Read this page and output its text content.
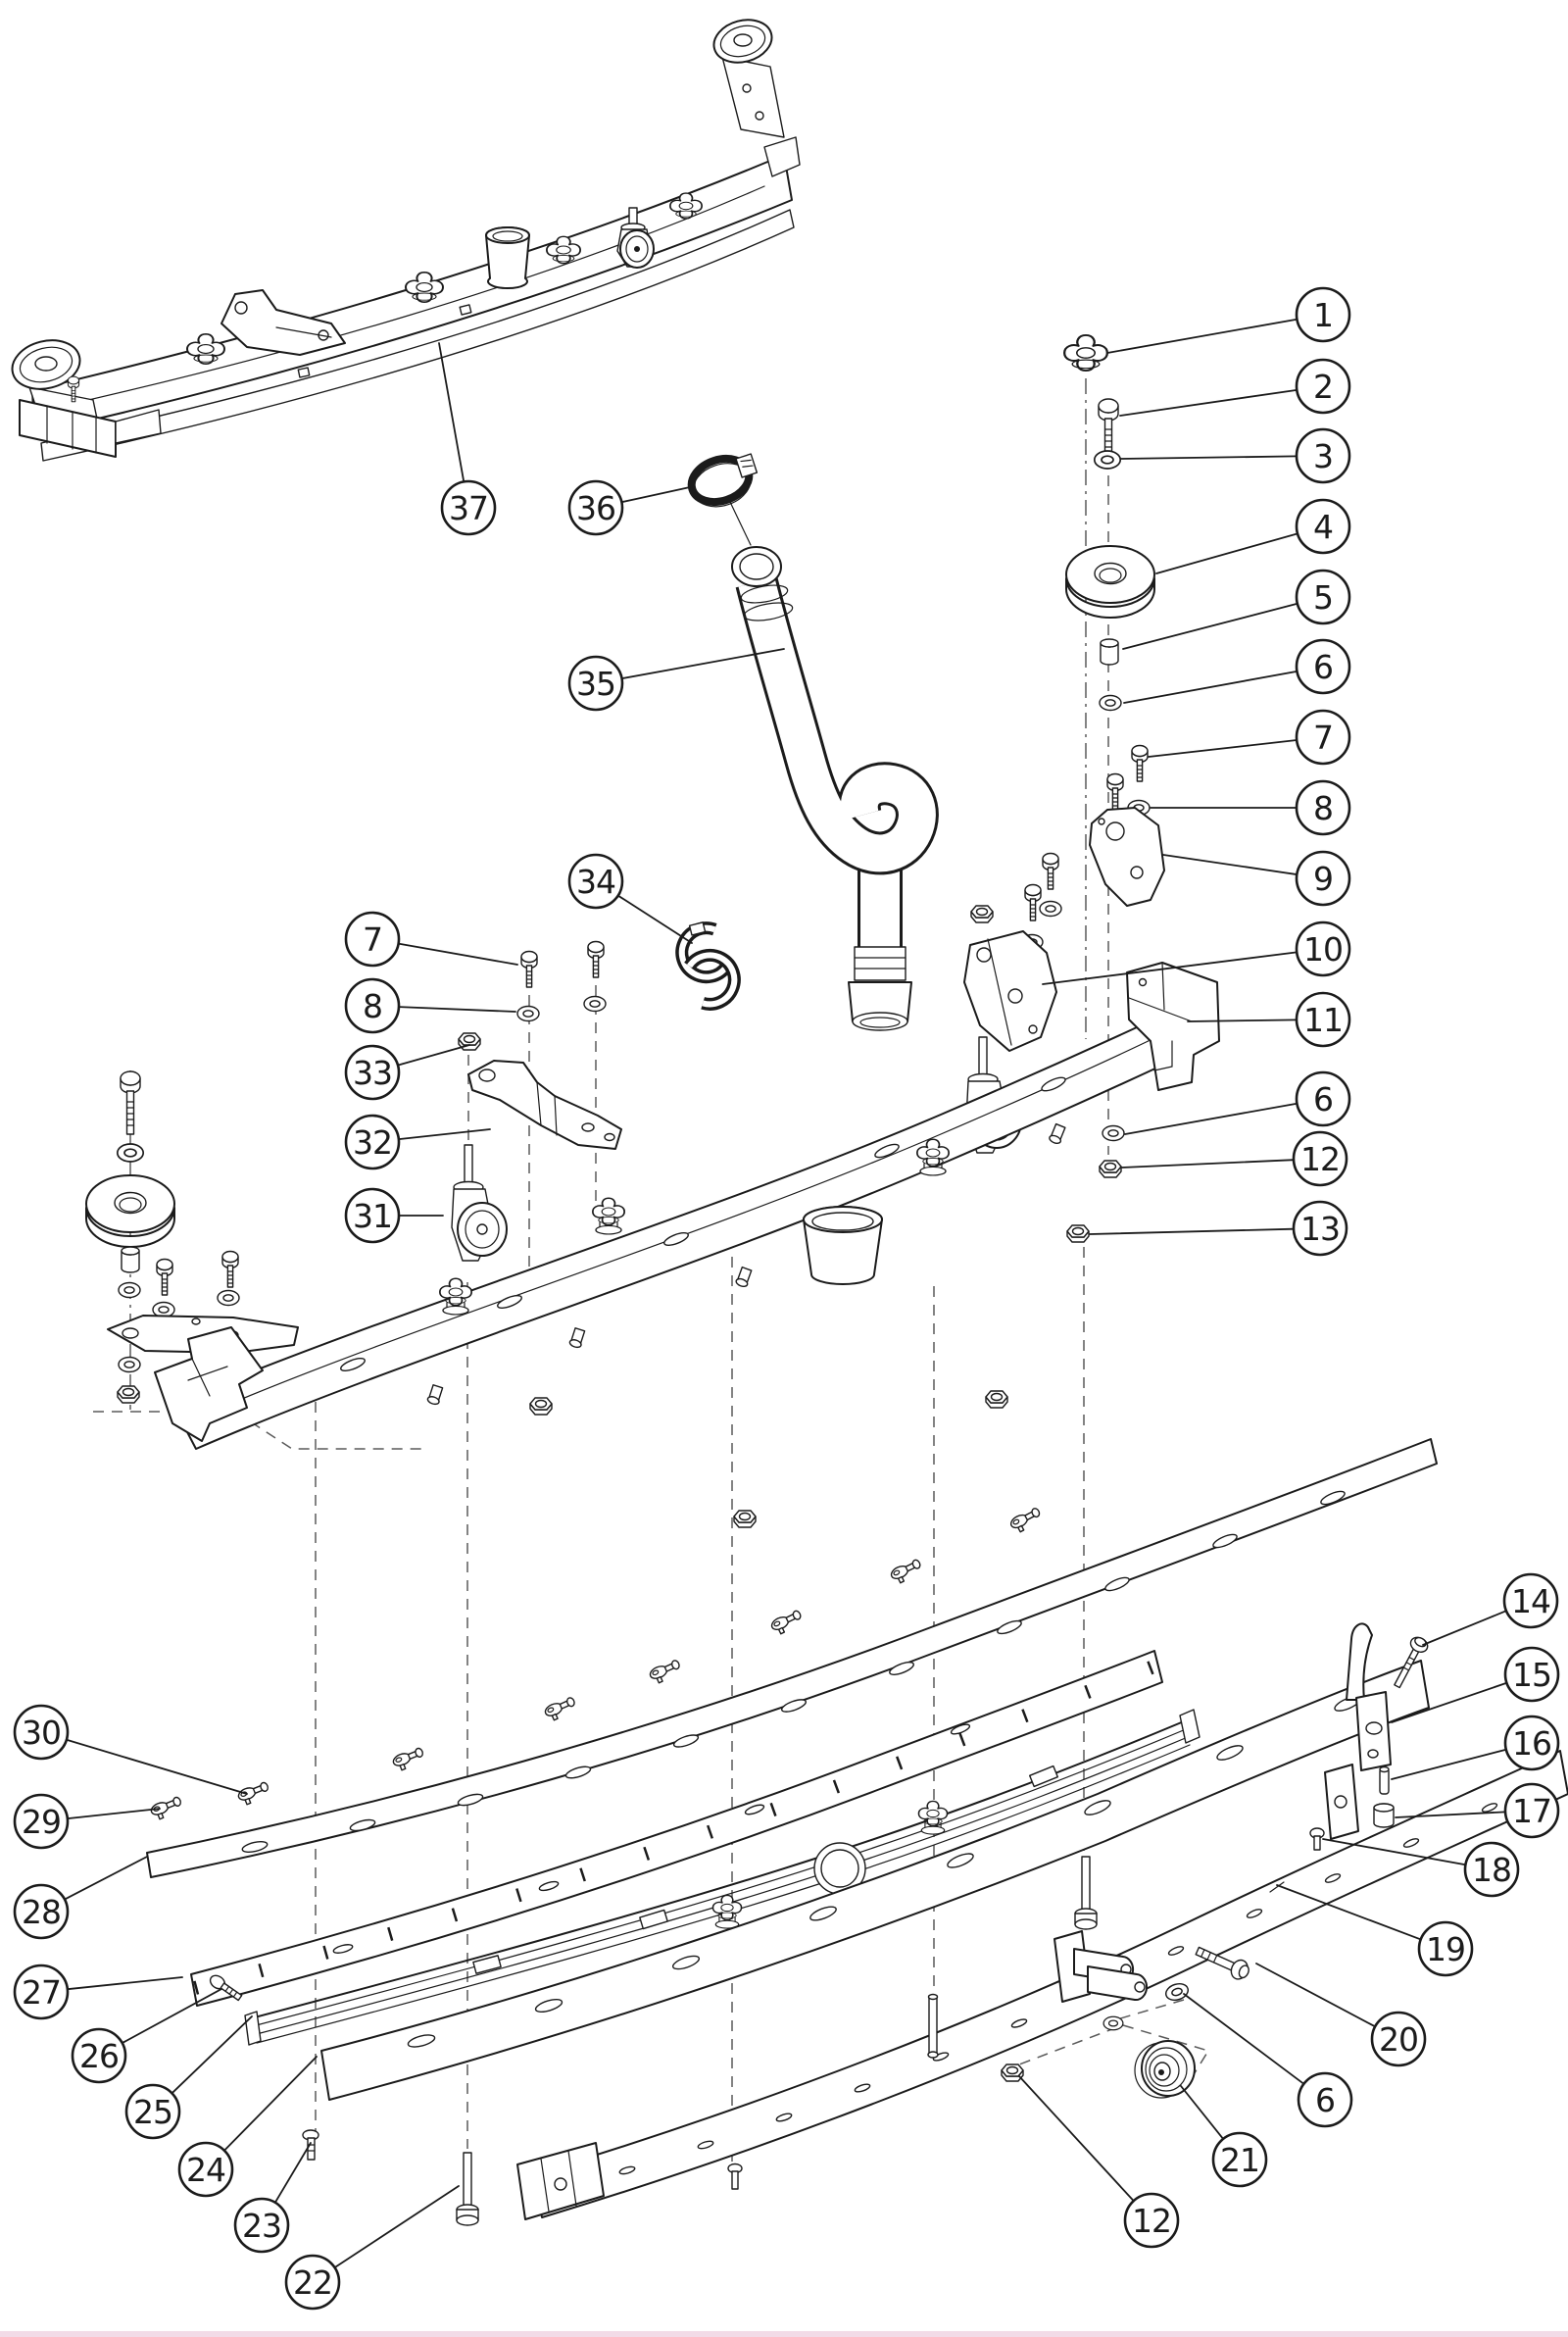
1
2
3
4
5
6
7
8
9
10
11
6
12
13
37	36
35
34
7
8
33
32
31
30
29
28
27
26
25
24
23
22
14
15
16
17
18
19
20
6
21
12
